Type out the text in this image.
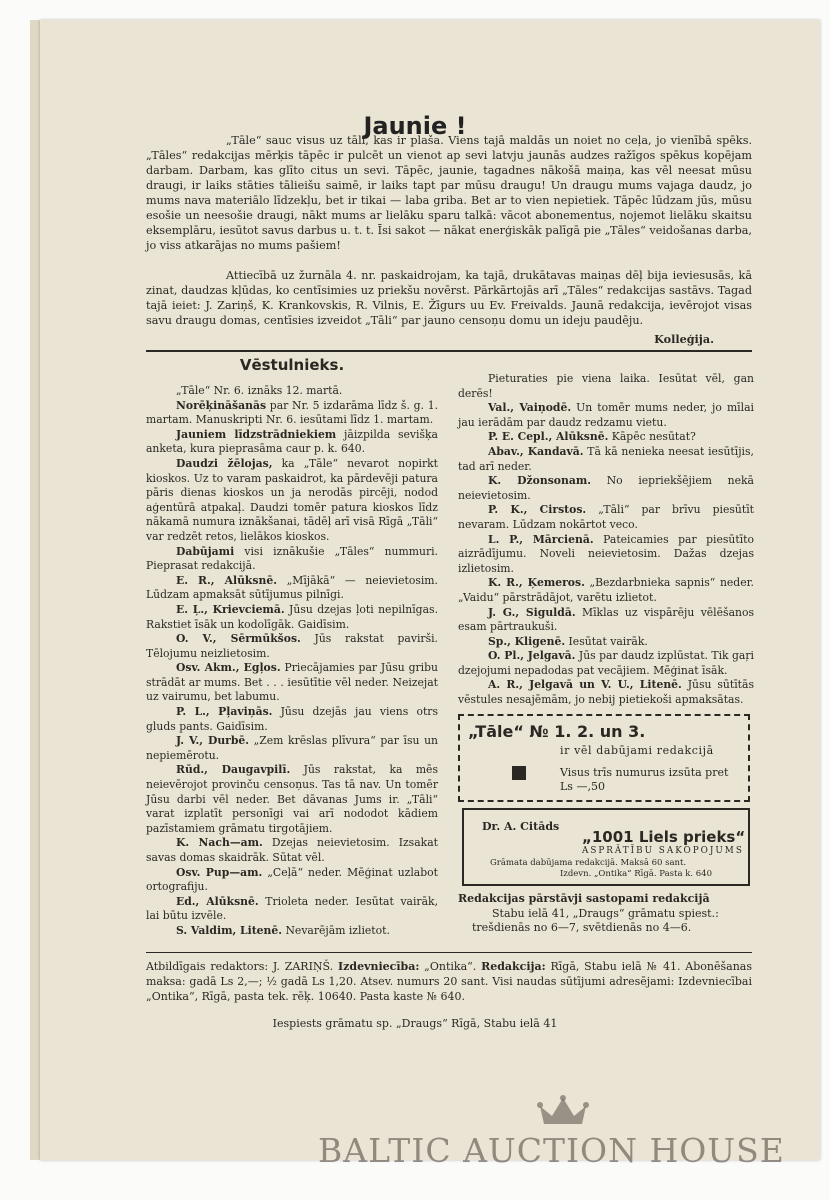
Jaunie !

„Tāle“ sauc visus uz tāli, kas ir plaša. Viens tajā maldās un noiet no ceļa, jo vienībā spēks. „Tāles“ redakcijas mērķis tāpēc ir pulcēt un vienot ap sevi latvju jaunās audzes ražīgos spēkus kopējam darbam. Darbam, kas glīto citus un sevi. Tāpēc, jaunie, tagadnes nākošā maiņa, kas vēl neesat mūsu draugi, ir laiks stāties tālieišu saimē, ir laiks tapt par mūsu draugu! Un draugu mums vajaga daudz, jo mums nava materiālo līdzekļu, bet ir tikai — laba griba. Bet ar to vien nepietiek. Tāpēc lūdzam jūs, mūsu esošie un neesošie draugi, nākt mums ar lielāku sparu talkā: vācot abonementus, nojemot lielāku skaitsu eksemplāru, iesūtot savus darbus u. t. t. Īsi sakot — nākat enerģiskāk palīgā pie „Tāles“ veidošanas darba, jo viss atkarājas no mums pašiem!

Attiecībā uz žurnāla 4. nr. paskaidrojam, ka tajā, drukātavas maiņas dēļ bija ieviesusās, kā zinat, daudzas kļūdas, ko centīsimies uz priekšu novērst. Pārkārtojās arī „Tāles“ redakcijas sastāvs. Tagad tajā ieiet: J. Zariņš, K. Krankovskis, R. Vilnis, E. Žīgurs uu Ev. Freivalds. Jaunā redakcija, ievērojot visas savu draugu domas, centīsies izveidot „Tāli“ par jauno censoņu domu un ideju paudēju.

Kolleģija.
Vēstulnieks.

„Tāle“ Nr. 6. iznāks 12. martā.

Norēķināšanās par Nr. 5 izdarāma līdz š. g. 1. martam. Manuskripti Nr. 6. iesūtami līdz 1. martam.

Jauniem līdzstrādniekiem jāizpilda sevišķa anketa, kura pieprasāma caur p. k. 640.

Daudzi žēlojas, ka „Tāle“ nevarot nopirkt kioskos. Uz to varam paskaidrot, ka pārdevēji patura pāris dienas kioskos un ja nerodās pircēji, nodod aģentūrā atpakaļ. Daudzi tomēr patura kioskos līdz nākamā numura iznākšanai, tādēļ arī visā Rīgā „Tāli“ var redzēt retos, lielākos kioskos.

Dabūjami visi iznākušie „Tāles“ nummuri. Pieprasat redakcijā.

E. R., Alūksnē. „Mījākā“ — neievietosim. Lūdzam apmaksāt sūtījumus pilnīgi.

E. Ļ., Krievciemā. Jūsu dzejas ļoti nepilnīgas. Rakstiet īsāk un kodolīgāk. Gaidīsim.

O. V., Sērmūkšos. Jūs rakstat pavirši. Tēlojumu neizlietosim.

Osv. Akm., Egļos. Priecājamies par Jūsu gribu strādāt ar mums. Bet . . . iesūtītie vēl neder. Neizejat uz vairumu, bet labumu.

P. L., Pļaviņās. Jūsu dzejās jau viens otrs gluds pants. Gaidīsim.

J. V., Durbē. „Zem krēslas plīvura“ par īsu un nepiemērotu.

Rūd., Daugavpilī. Jūs rakstat, ka mēs neievērojot provinču censoņus. Tas tā nav. Un tomēr Jūsu darbi vēl neder. Bet dāvanas Jums ir. „Tāli“ varat izplatīt personīgi vai arī nododot kādiem pazīstamiem grāmatu tirgotājiem.

K. Nach—am. Dzejas neievietosim. Izsakat savas domas skaidrāk. Sūtat vēl.

Osv. Pup—am. „Ceļā“ neder. Mēģinat uzlabot ortografiju.

Ed., Alūksnē. Trioleta neder. Iesūtat vairāk, lai būtu izvēle.

S. Valdim, Litenē. Nevarējām izlietot.

Pieturaties pie viena laika. Iesūtat vēl, gan derēs!

Val., Vaiņodē. Un tomēr mums neder, jo mīlai jau ierādām par daudz redzamu vietu.

P. E. Cepl., Alūksnē. Kāpēc nesūtat?

Abav., Kandavā. Tā kā nenieka neesat iesūtījis, tad arī neder.

K. Džonsonam. No iepriekšējiem nekā neievietosim.

P. K., Cirstos. „Tāli“ par brīvu piesūtīt nevaram. Lūdzam nokārtot veco.

L. P., Mārcienā. Pateicamies par piesūtīto aizrādījumu. Noveli neievietosim. Dažas dzejas izlietosim.

K. R., Ķemeros. „Bezdarbnieka sapnis“ neder. „Vaidu“ pārstrādājot, varētu izlietot.

J. G., Siguldā. Mīklas uz vispārēju vēlēšanos esam pārtraukuši.

Sp., Kligenē. Iesūtat vairāk.

O. Pl., Jelgavā. Jūs par daudz izplūstat. Tik gaŗi dzejojumi nepadodas pat vecājiem. Mēģinat īsāk.

A. R., Jelgavā un V. U., Litenē. Jūsu sūtītās vēstules nesajēmām, jo nebij pietiekoši apmaksātas.

„Tāle“ № 1. 2. un 3.
ir vēl dabūjami redakcijā
Visus trīs numurus izsūta pret Ls —,50
Dr. A. Citāds
„1001 Liels prieks“
ASPRĀTĪBU SAKOPOJUMS
Grāmata dabūjama redakcijā. Maksā 60 sant.
Izdevn. „Ontika“ Rīgā. Pasta k. 640
Redakcijas pārstāvji sastopami redakcijā
Stabu ielā 41, „Draugs“ grāmatu spiest.:
trešdienās no 6—7, svētdienās no 4—6.
Atbildīgais redaktors: J. ZARIŅŠ. Izdevniecība: „Ontika“. Redakcija: Rīgā, Stabu ielā № 41. Abonēšanas maksa: gadā Ls 2,—; ½ gadā Ls 1,20. Atsev. numurs 20 sant. Visi naudas sūtījumi adresējami: Izdevniecībai „Ontika“, Rīgā, pasta tek. rēķ. 10640. Pasta kaste № 640.
Iespiests grāmatu sp. „Draugs“ Rīgā, Stabu ielā 41
BALTIC AUCTION HOUSE
